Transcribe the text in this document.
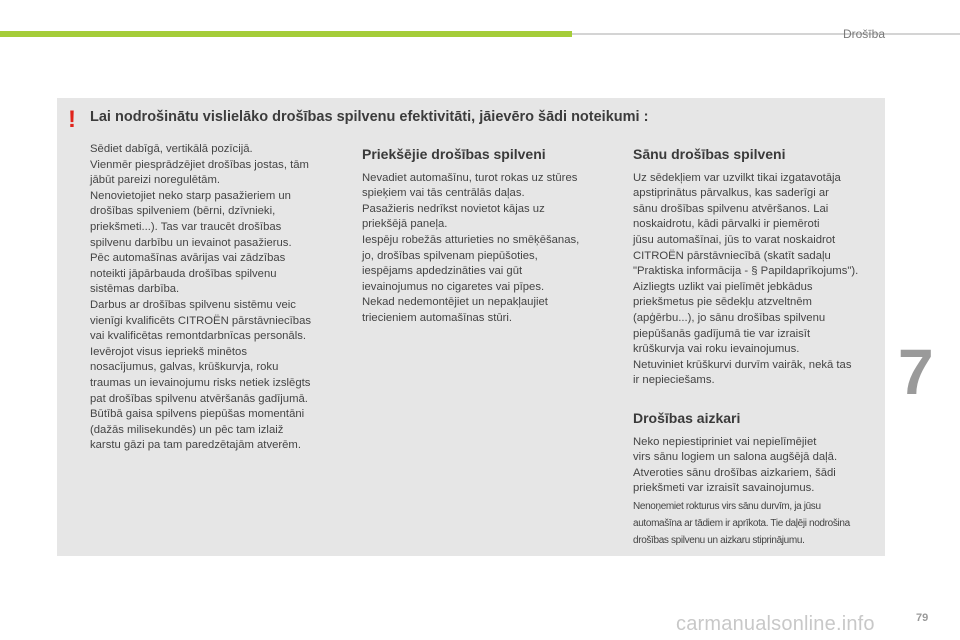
Drošība
! Lai nodrošinātu vislielāko drošības spilvenu efektivitāti, jāievēro šādi noteikumi :

Sēdiet dabīgā, vertikālā pozīcijā.

Vienmēr piesprādzējiet drošības jostas, tām

jābūt pareizi noregulētām.

Nenovietojiet neko starp pasažieriem un

drošības spilveniem (bērni, dzīvnieki,

priekšmeti...). Tas var traucēt drošības

spilvenu darbību un ievainot pasažierus.

Pēc automašīnas avārijas vai zādzības

noteikti jāpārbauda drošības spilvenu

sistēmas darbība.

Darbus ar drošības spilvenu sistēmu veic

vienīgi kvalificēts CITROËN pārstāvniecības

vai kvalificētas remontdarbnīcas personāls.

Ievērojot visus iepriekš minētos

nosacījumus, galvas, krūškurvja, roku

traumas un ievainojumu risks netiek izslēgts

pat drošības spilvenu atvēršanās gadījumā.

Būtībā gaisa spilvens piepūšas momentāni

(dažās milisekundēs) un pēc tam izlaiž

karstu gāzi pa tam paredzētajām atverēm.

Priekšējie drošības spilveni

Nevadiet automašīnu, turot rokas uz stūres

spieķiem vai tās centrālās daļas.

Pasažieris nedrīkst novietot kājas uz

priekšējā paneļa.

Iespēju robežās atturieties no smēķēšanas,

jo, drošības spilvenam piepūšoties,

iespējams apdedzināties vai gūt

ievainojumus no cigaretes vai pīpes.

Nekad nedemontējiet un nepakļaujiet

triecieniem automašīnas stūri.

Sānu drošības spilveni

Uz sēdekļiem var uzvilkt tikai izgatavotāja

apstiprinātus pārvalkus, kas saderīgi ar

sānu drošības spilvenu atvēršanos. Lai

noskaidrotu, kādi pārvalki ir piemēroti

jūsu automašīnai, jūs to varat noskaidrot

CITROËN pārstāvniecībā (skatīt sadaļu

"Praktiska informācija - § Papildaprīkojums").

Aizliegts uzlikt vai pielīmēt jebkādus

priekšmetus pie sēdekļu atzveltnēm

(apģērbu...), jo sānu drošības spilvenu

piepūšanās gadījumā tie var izraisīt

krūškurvja vai roku ievainojumus.

Netuviniet krūškurvi durvīm vairāk, nekā tas

ir nepieciešams.

Drošības aizkari

Neko nepiestipriniet vai nepielīmējiet

virs sānu logiem un salona augšējā daļā.

Atveroties sānu drošības aizkariem, šādi

priekšmeti var izraisīt savainojumus.

Nenoņemiet rokturus virs sānu durvīm, ja jūsu

automašīna ar tādiem ir aprīkota. Tie daļēji nodrošina

drošības spilvenu un aizkaru stiprinājumu.

7
79
carmanualsonline.info
